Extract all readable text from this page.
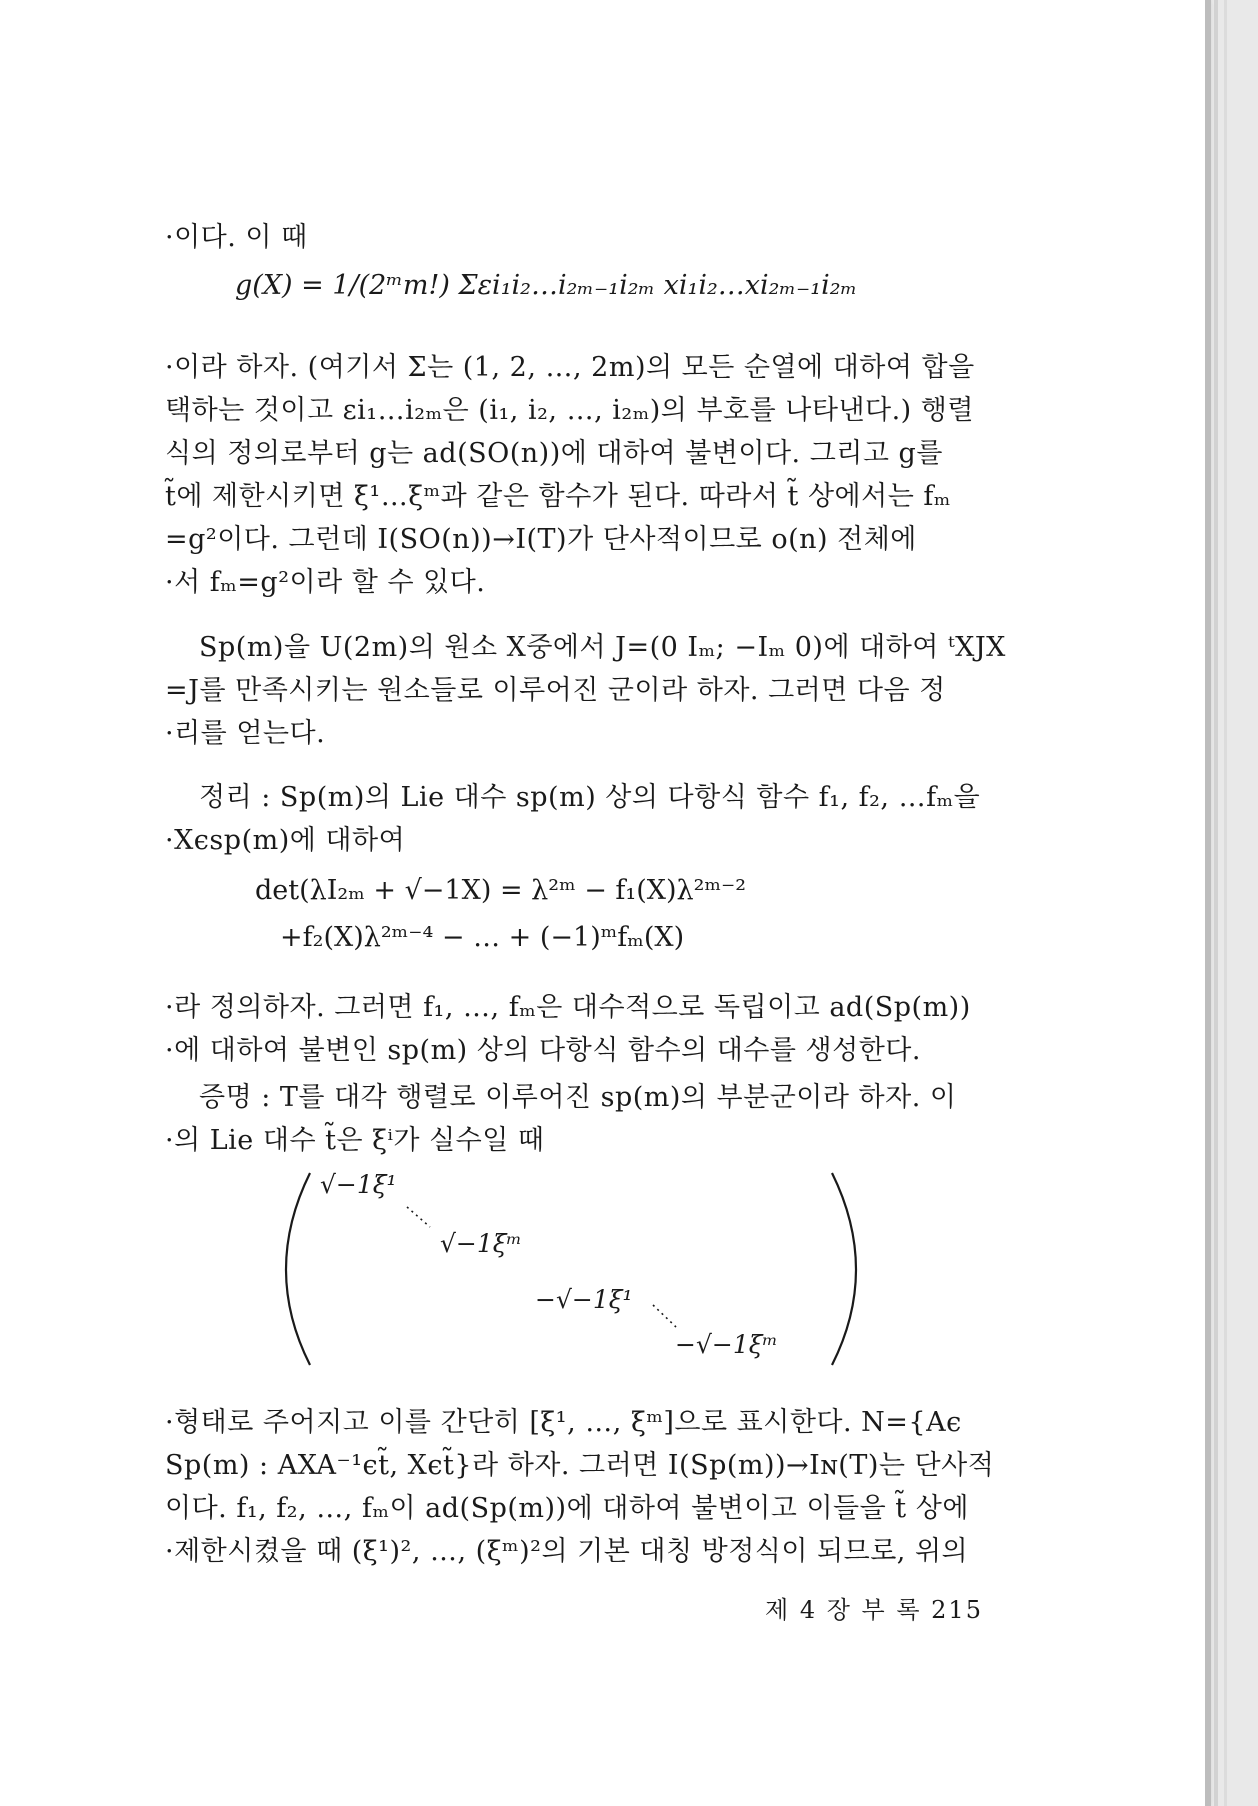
·이다. 이 때
g(X) = 1/(2ᵐm!) Σεi₁i₂…i₂ₘ₋₁i₂ₘ xi₁i₂…xi₂ₘ₋₁i₂ₘ
·이라 하자. (여기서 Σ는 (1, 2, …, 2m)의 모든 순열에 대하여 합을
택하는 것이고 εi₁…i₂ₘ은 (i₁, i₂, …, i₂ₘ)의 부호를 나타낸다.) 행렬
식의 정의로부터 g는 ad(SO(n))에 대하여 불변이다. 그리고 g를
t̃에 제한시키면 ξ¹…ξᵐ과 같은 함수가 된다. 따라서 t̃ 상에서는 fₘ
=g²이다. 그런데 I(SO(n))→I(T)가 단사적이므로 o(n) 전체에
·서 fₘ=g²이라 할 수 있다.
Sp(m)을 U(2m)의 원소 X중에서 J=(0 Iₘ; −Iₘ 0)에 대하여 ᵗXJX
=J를 만족시키는 원소들로 이루어진 군이라 하자. 그러면 다음 정
·리를 얻는다.
정리 : Sp(m)의 Lie 대수 sp(m) 상의 다항식 함수 f₁, f₂, …fₘ을
·Xϵsp(m)에 대하여
det(λI₂ₘ + √−1X) = λ²ᵐ − f₁(X)λ²ᵐ⁻²
+f₂(X)λ²ᵐ⁻⁴ − … + (−1)ᵐfₘ(X)
·라 정의하자. 그러면 f₁, …, fₘ은 대수적으로 독립이고 ad(Sp(m))
·에 대하여 불변인 sp(m) 상의 다항식 함수의 대수를 생성한다.
증명 : T를 대각 행렬로 이루어진 sp(m)의 부분군이라 하자. 이
·의 Lie 대수 t̃은 ξⁱ가 실수일 때
·형태로 주어지고 이를 간단히 [ξ¹, …, ξᵐ]으로 표시한다. N={Aϵ
Sp(m) : AXA⁻¹ϵt̃, Xϵt̃}라 하자. 그러면 I(Sp(m))→Iɴ(T)는 단사적
이다. f₁, f₂, …, fₘ이 ad(Sp(m))에 대하여 불변이고 이들을 t̃ 상에
·제한시켰을 때 (ξ¹)², …, (ξᵐ)²의 기본 대칭 방정식이 되므로, 위의
√−1ξ¹
√−1ξᵐ
−√−1ξ¹
−√−1ξᵐ
제 4 장 부 록 215
